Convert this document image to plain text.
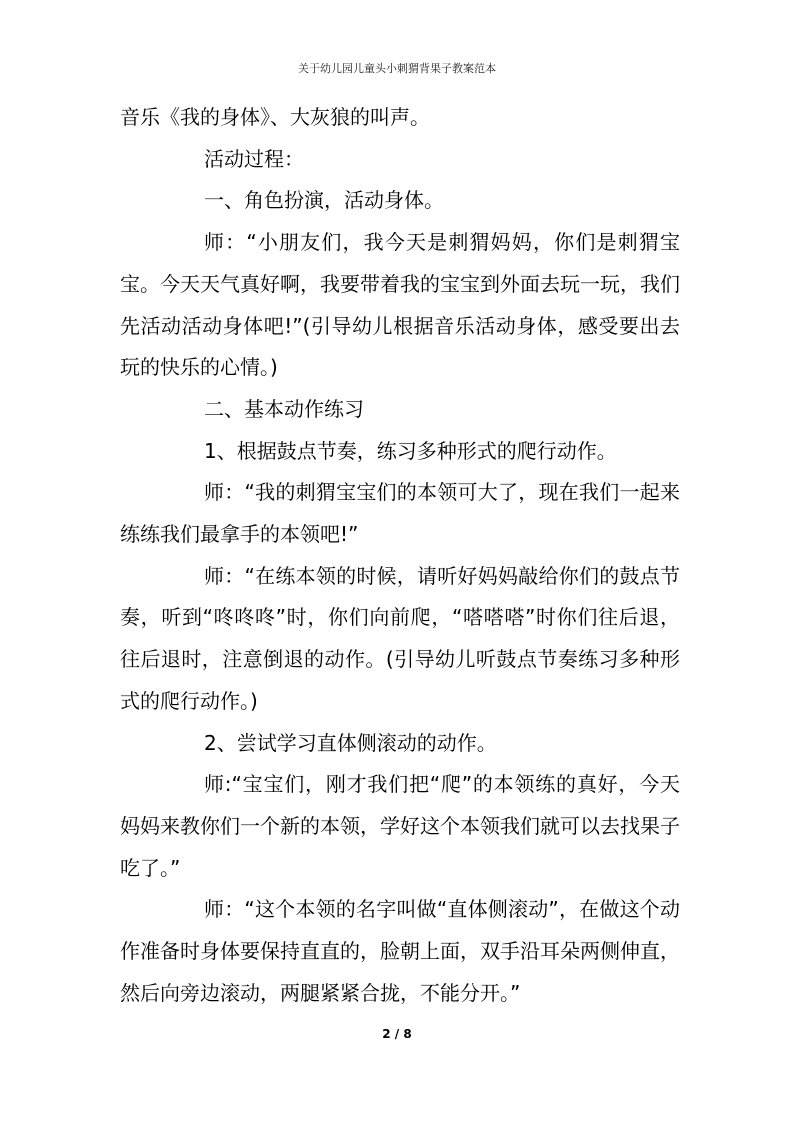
关于幼儿园儿童头小刺猬背果子教案范本

音乐《我的身体》、大灰狼的叫声。

活动过程：

一、角色扮演，活动身体。

师：“小朋友们，我今天是刺猬妈妈，你们是刺猬宝宝。今天天气真好啊，我要带着我的宝宝到外面去玩一玩，我们先活动活动身体吧!”(引导幼儿根据音乐活动身体，感受要出去玩的快乐的心情。)

二、基本动作练习

1、根据鼓点节奏，练习多种形式的爬行动作。

师：“我的刺猬宝宝们的本领可大了，现在我们一起来练练我们最拿手的本领吧!”

师：“在练本领的时候，请听好妈妈敲给你们的鼓点节奏，听到“咚咚咚”时，你们向前爬，“嗒嗒嗒”时你们往后退，往后退时，注意倒退的动作。(引导幼儿听鼓点节奏练习多种形式的爬行动作。)

2、尝试学习直体侧滚动的动作。

师:“宝宝们，刚才我们把“爬”的本领练的真好，今天妈妈来教你们一个新的本领，学好这个本领我们就可以去找果子吃了。”

师：“这个本领的名字叫做“直体侧滚动”，在做这个动作准备时身体要保持直直的，脸朝上面，双手沿耳朵两侧伸直，然后向旁边滚动，两腿紧紧合拢，不能分开。”

2 / 8
